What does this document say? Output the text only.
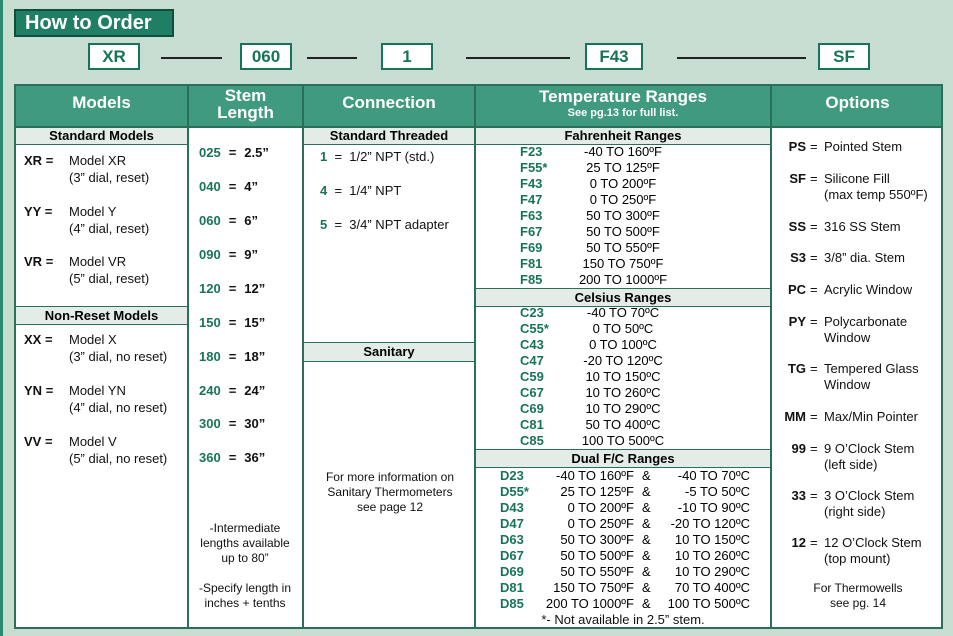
How to Order
XR	060	1	F43	SF
Models	Stem Length
Connection	Temperature Ranges
See pg.13 for full list.
Options
Standard Models
XR = Model XR
(3” dial, reset)
YY = Model Y
(4” dial, reset)
VR = Model VR
(5” dial, reset)
Non-Reset Models
XX = Model X
(3” dial, no reset)
YN = Model YN
(4” dial, no reset)
VV = Model V
(5” dial, no reset)
025 = 2.5”
040 = 4”
060 = 6”
090 = 9”
120 = 12”
150 = 15”
180 = 18”
240 = 24”
300 = 30”
360 = 36”
-Intermediate lengths available up to 80”
-Specify length in inches + tenths
Standard Threaded
1 = 1/2” NPT (std.)
4 = 1/4” NPT
5 = 3/4” NPT adapter
Sanitary
For more information on Sanitary Thermometers see page 12
Fahrenheit Ranges
F23	-40 TO 160ºF
F55*	25 TO 125ºF
F43	0 TO 200ºF
F47	0 TO 250ºF
F63	50 TO 300ºF
F67	50 TO 500ºF
F69	50 TO 550ºF
F81	150 TO 750ºF
F85	200 TO 1000ºF
Celsius Ranges
C23	-40 TO 70ºC
C55*	0 TO 50ºC
C43	0 TO 100ºC
C47	-20 TO 120ºC
C59	10 TO 150ºC
C67	10 TO 260ºC
C69	10 TO 290ºC
C81	50 TO 400ºC
C85	100 TO 500ºC
Dual F/C Ranges
D23	-40 TO 160ºF &	-40 TO 70ºC
D55*	25 TO 125ºF &	-5 TO 50ºC
D43	0 TO 200ºF &	-10 TO 90ºC
D47	0 TO 250ºF &	-20 TO 120ºC
D63	50 TO 300ºF &	10 TO 150ºC
D67	50 TO 500ºF &	10 TO 260ºC
D69	50 TO 550ºF &	10 TO 290ºC
D81	150 TO 750ºF &	70 TO 400ºC
D85	200 TO 1000ºF &	100 TO 500ºC
*- Not available in 2.5” stem.
PS = Pointed Stem
SF = Silicone Fill
(max temp 550ºF)
SS = 316 SS Stem
S3 = 3/8” dia. Stem
PC = Acrylic Window
PY = Polycarbonate
Window
TG = Tempered Glass
Window
MM = Max/Min Pointer
99 = 9 O’Clock Stem
(left side)
33 = 3 O’Clock Stem
(right side)
12 = 12 O’Clock Stem
(top mount)
For Thermowells see pg. 14
